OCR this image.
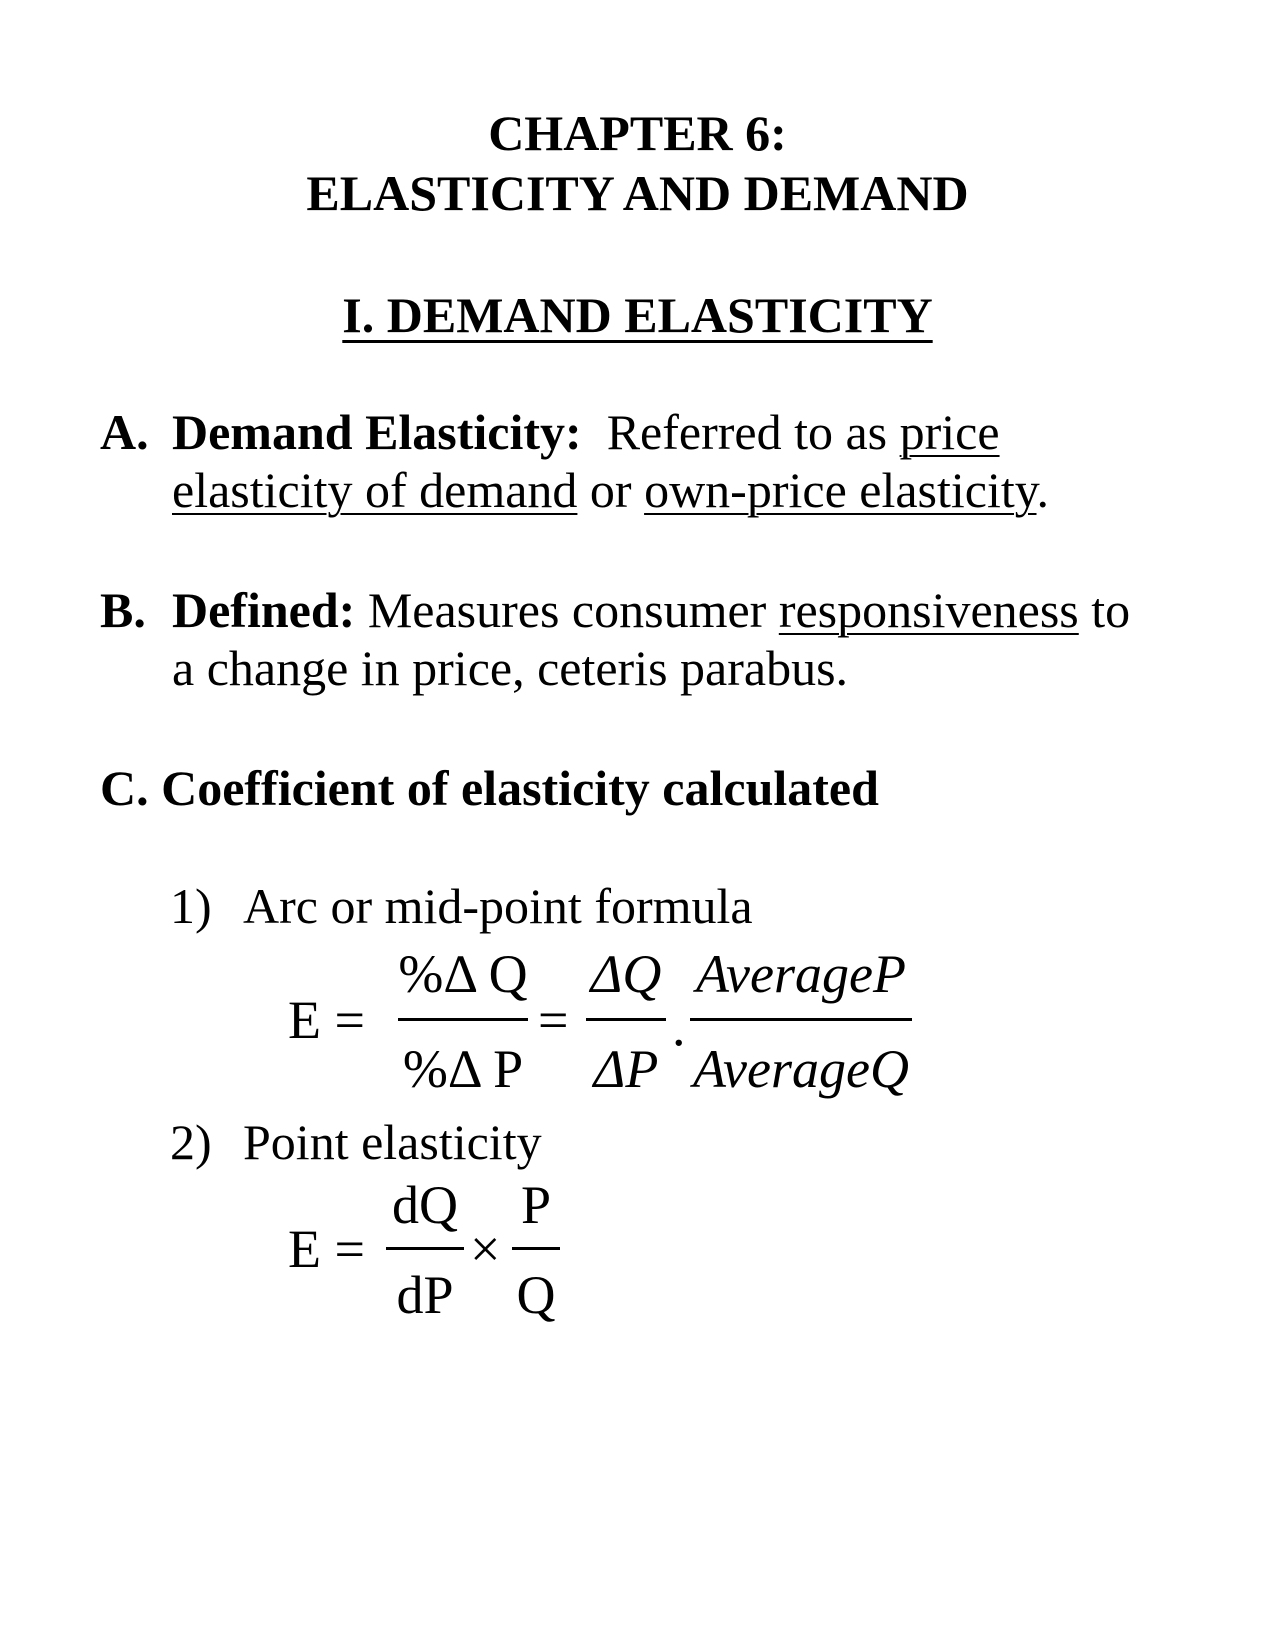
CHAPTER 6:
ELASTICITY AND DEMAND
I. DEMAND ELASTICITY
A. Demand Elasticity: Referred to as price
elasticity of demand or own-price elasticity.
B. Defined: Measures consumer responsiveness to
a change in price, ceteris parabus.
C. Coefficient of elasticity calculated
1) Arc or mid-point formula
E =
%Δ Q
%Δ P
=
ΔQ
ΔP
.
AverageP
AverageQ
2) Point elasticity
E =
dQ
dP
×
P
Q
